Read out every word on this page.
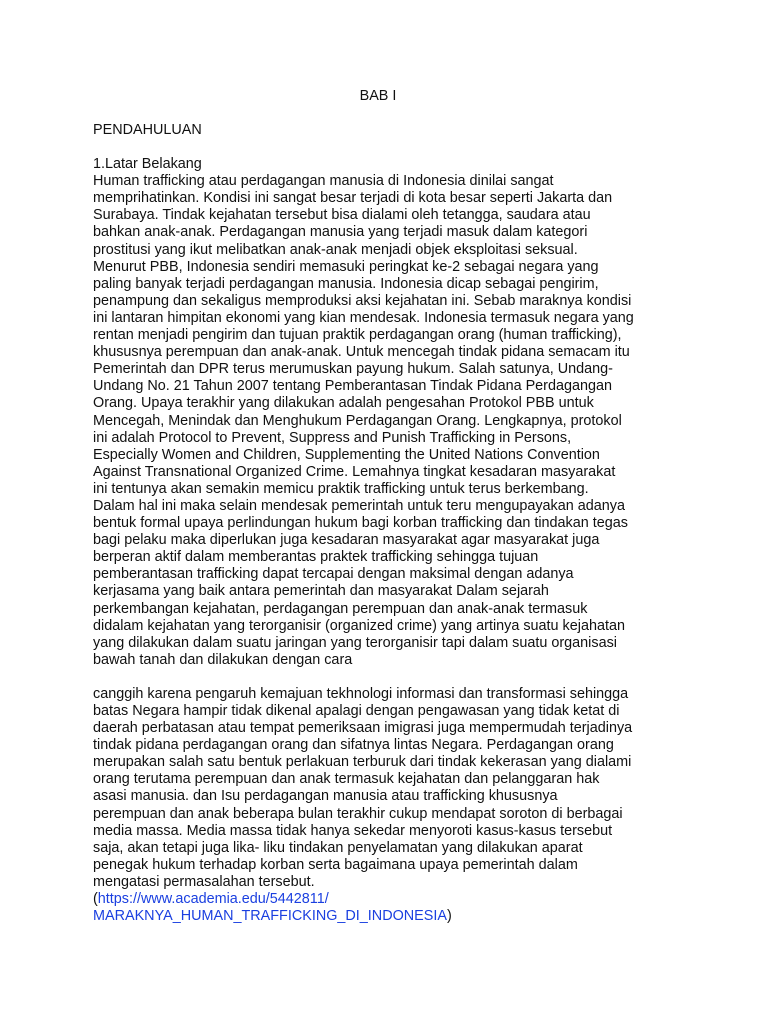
BAB I
PENDAHULUAN
1.Latar Belakang
Human trafficking atau perdagangan manusia di Indonesia dinilai sangat
memprihatinkan. Kondisi ini sangat besar terjadi di kota besar seperti Jakarta dan
Surabaya. Tindak kejahatan tersebut bisa dialami oleh tetangga, saudara atau
bahkan anak-anak. Perdagangan manusia yang terjadi masuk dalam kategori
prostitusi yang ikut melibatkan anak-anak menjadi objek eksploitasi seksual.
Menurut PBB, Indonesia sendiri memasuki peringkat ke-2 sebagai negara yang
paling banyak terjadi perdagangan manusia. Indonesia dicap sebagai pengirim,
penampung dan sekaligus memproduksi aksi kejahatan ini. Sebab maraknya kondisi
ini lantaran himpitan ekonomi yang kian mendesak. Indonesia termasuk negara yang
rentan menjadi pengirim dan tujuan praktik perdagangan orang (human trafficking),
khususnya perempuan dan anak-anak. Untuk mencegah tindak pidana semacam itu
Pemerintah dan DPR terus merumuskan payung hukum. Salah satunya, Undang-
Undang No. 21 Tahun 2007 tentang Pemberantasan Tindak Pidana Perdagangan
Orang. Upaya terakhir yang dilakukan adalah pengesahan Protokol PBB untuk
Mencegah, Menindak dan Menghukum Perdagangan Orang. Lengkapnya, protokol
ini adalah Protocol to Prevent, Suppress and Punish Trafficking in Persons,
Especially Women and Children, Supplementing the United Nations Convention
Against Transnational Organized Crime. Lemahnya tingkat kesadaran masyarakat
ini tentunya akan semakin memicu praktik trafficking untuk terus berkembang.
Dalam hal ini maka selain mendesak pemerintah untuk teru mengupayakan adanya
bentuk formal upaya perlindungan hukum bagi korban trafficking dan tindakan tegas
bagi pelaku maka diperlukan juga kesadaran masyarakat agar masyarakat juga
berperan aktif dalam memberantas praktek trafficking sehingga tujuan
pemberantasan trafficking dapat tercapai dengan maksimal dengan adanya
kerjasama yang baik antara pemerintah dan masyarakat Dalam sejarah
perkembangan kejahatan, perdagangan perempuan dan anak-anak termasuk
didalam kejahatan yang terorganisir (organized crime) yang artinya suatu kejahatan
yang dilakukan dalam suatu jaringan yang terorganisir tapi dalam suatu organisasi
bawah tanah dan dilakukan dengan cara
canggih karena pengaruh kemajuan tekhnologi informasi dan transformasi sehingga
batas Negara hampir tidak dikenal apalagi dengan pengawasan yang tidak ketat di
daerah perbatasan atau tempat pemeriksaan imigrasi juga mempermudah terjadinya
tindak pidana perdagangan orang dan sifatnya lintas Negara. Perdagangan orang
merupakan salah satu bentuk perlakuan terburuk dari tindak kekerasan yang dialami
orang terutama perempuan dan anak termasuk kejahatan dan pelanggaran hak
asasi manusia. dan Isu perdagangan manusia atau trafficking khususnya
perempuan dan anak beberapa bulan terakhir cukup mendapat soroton di berbagai
media massa. Media massa tidak hanya sekedar menyoroti kasus-kasus tersebut
saja, akan tetapi juga lika- liku tindakan penyelamatan yang dilakukan aparat
penegak hukum terhadap korban serta bagaimana upaya pemerintah dalam
mengatasi permasalahan tersebut.
(https://www.academia.edu/5442811/
MARAKNYA_HUMAN_TRAFFICKING_DI_INDONESIA)
